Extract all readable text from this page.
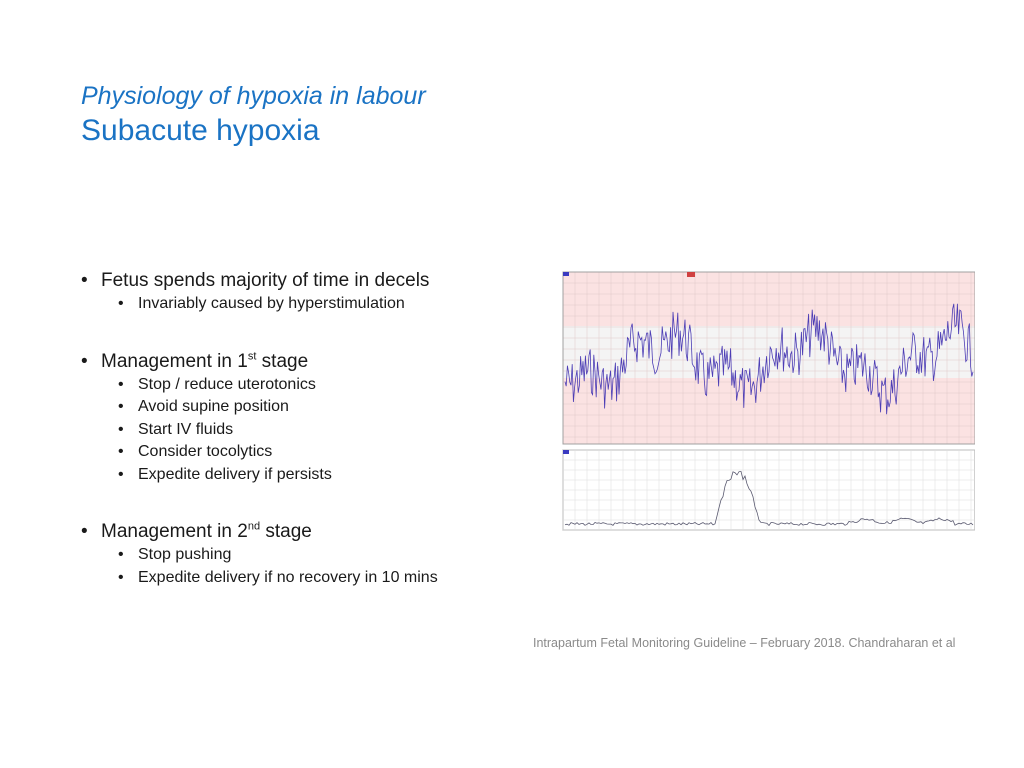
Physiology of hypoxia in labour
Subacute hypoxia
• Fetus spends majority of time in decels
• Invariably caused by hyperstimulation
• Management in 1st stage
• Stop / reduce uterotonics
• Avoid supine position
• Start IV fluids
• Consider tocolytics
• Expedite delivery if persists
• Management in 2nd stage
• Stop pushing
• Expedite delivery if no recovery in 10 mins
Intrapartum Fetal Monitoring Guideline – February 2018. Chandraharan et al
